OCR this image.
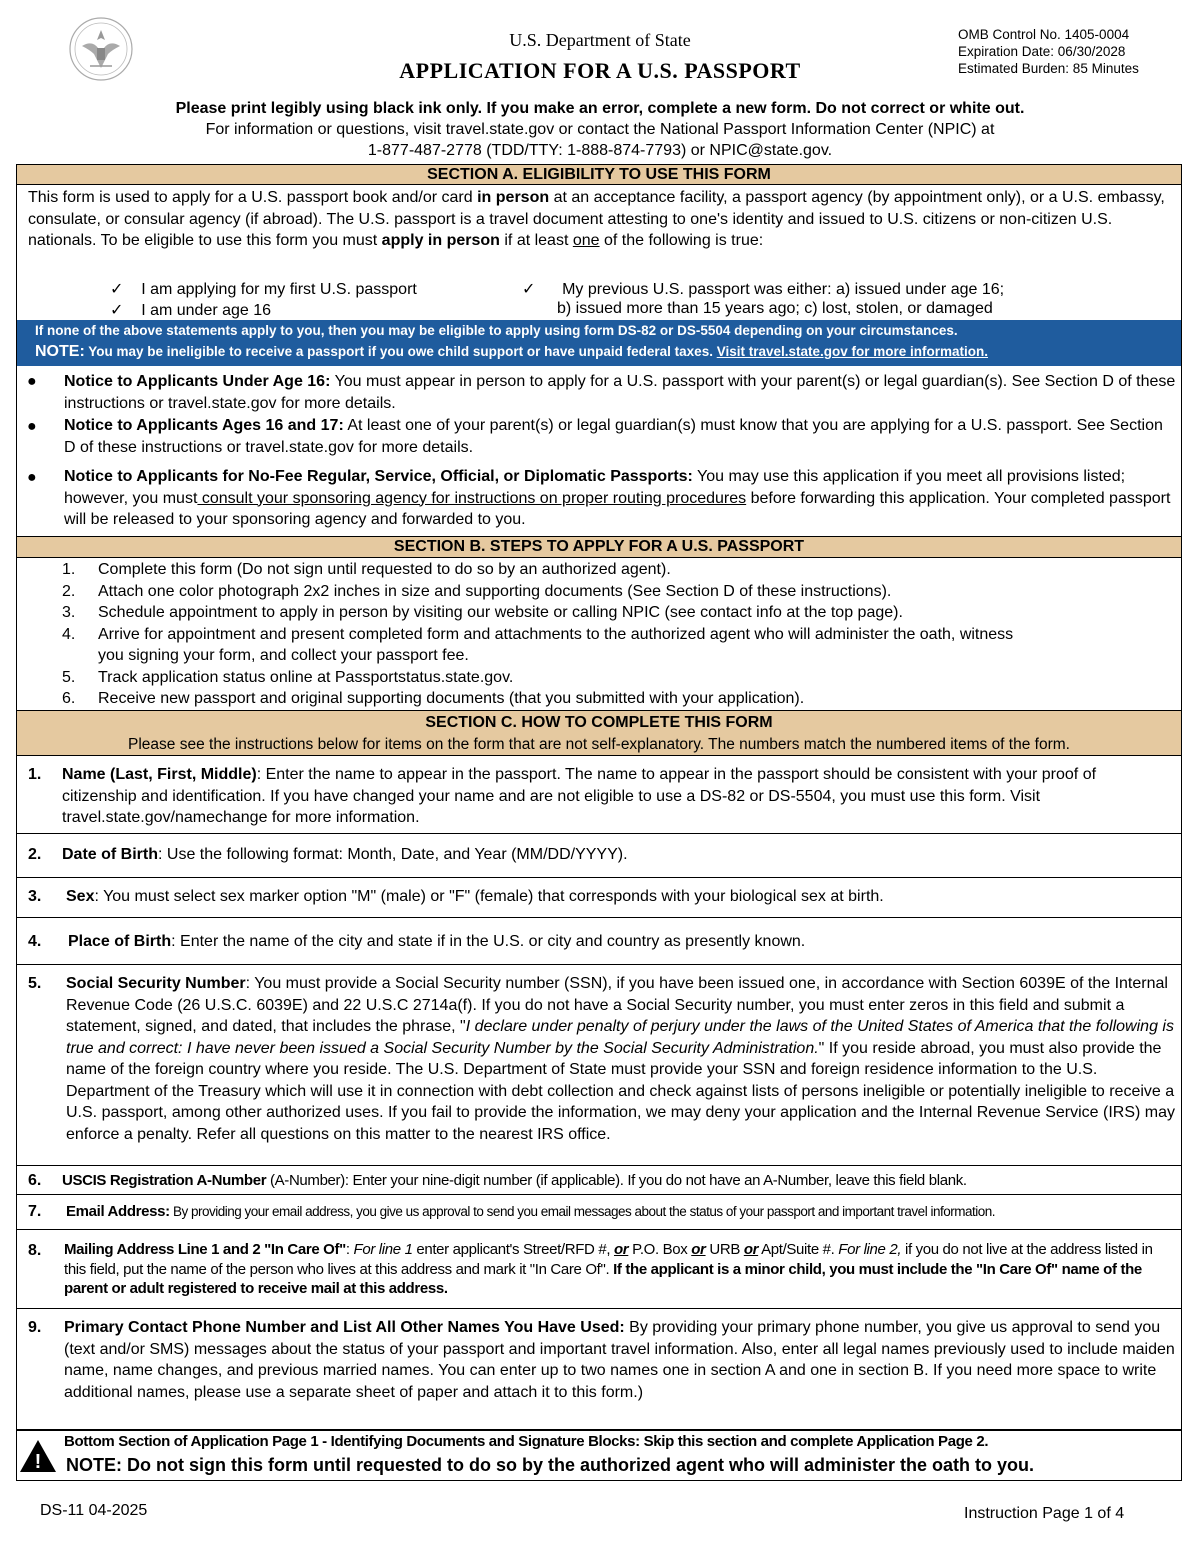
U.S. Department of State
APPLICATION FOR A U.S. PASSPORT
OMB Control No. 1405-0004
Expiration Date: 06/30/2028
Estimated Burden: 85 Minutes
Please print legibly using black ink only. If you make an error, complete a new form. Do not correct or white out.
For information or questions, visit travel.state.gov or contact the National Passport Information Center (NPIC) at
1-877-487-2778 (TDD/TTY: 1-888-874-7793) or NPIC@state.gov.
SECTION A. ELIGIBILITY TO USE THIS FORM
This form is used to apply for a U.S. passport book and/or card in person at an acceptance facility, a passport agency (by appointment only), or a U.S. embassy, consulate, or consular agency (if abroad). The U.S. passport is a travel document attesting to one's identity and issued to U.S. citizens or non-citizen U.S. nationals. To be eligible to use this form you must apply in person if at least one of the following is true:
✓ I am applying for my first U.S. passport
✓ I am under age 16
✓ My previous U.S. passport was either: a) issued under age 16;
b) issued more than 15 years ago; c) lost, stolen, or damaged
If none of the above statements apply to you, then you may be eligible to apply using form DS-82 or DS-5504 depending on your circumstances.
NOTE: You may be ineligible to receive a passport if you owe child support or have unpaid federal taxes. Visit travel.state.gov for more information.
● Notice to Applicants Under Age 16: You must appear in person to apply for a U.S. passport with your parent(s) or legal guardian(s). See Section D of these instructions or travel.state.gov for more details.
● Notice to Applicants Ages 16 and 17: At least one of your parent(s) or legal guardian(s) must know that you are applying for a U.S. passport. See Section D of these instructions or travel.state.gov for more details.
● Notice to Applicants for No-Fee Regular, Service, Official, or Diplomatic Passports: You may use this application if you meet all provisions listed; however, you must consult your sponsoring agency for instructions on proper routing procedures before forwarding this application. Your completed passport will be released to your sponsoring agency and forwarded to you.
SECTION B. STEPS TO APPLY FOR A U.S. PASSPORT
1. Complete this form (Do not sign until requested to do so by an authorized agent).
2. Attach one color photograph 2x2 inches in size and supporting documents (See Section D of these instructions).
3. Schedule appointment to apply in person by visiting our website or calling NPIC (see contact info at the top page).
4. Arrive for appointment and present completed form and attachments to the authorized agent who will administer the oath, witness
you signing your form, and collect your passport fee.
5. Track application status online at Passportstatus.state.gov.
6. Receive new passport and original supporting documents (that you submitted with your application).
SECTION C. HOW TO COMPLETE THIS FORM
Please see the instructions below for items on the form that are not self-explanatory. The numbers match the numbered items of the form.
1. Name (Last, First, Middle): Enter the name to appear in the passport. The name to appear in the passport should be consistent with your proof of citizenship and identification. If you have changed your name and are not eligible to use a DS-82 or DS-5504, you must use this form. Visit travel.state.gov/namechange for more information.
2. Date of Birth: Use the following format: Month, Date, and Year (MM/DD/YYYY).
3. Sex: You must select sex marker option "M" (male) or "F" (female) that corresponds with your biological sex at birth.
4. Place of Birth: Enter the name of the city and state if in the U.S. or city and country as presently known.
5. Social Security Number: You must provide a Social Security number (SSN), if you have been issued one, in accordance with Section 6039E of the Internal Revenue Code (26 U.S.C. 6039E) and 22 U.S.C 2714a(f). If you do not have a Social Security number, you must enter zeros in this field and submit a statement, signed, and dated, that includes the phrase, "I declare under penalty of perjury under the laws of the United States of America that the following is true and correct: I have never been issued a Social Security Number by the Social Security Administration." If you reside abroad, you must also provide the name of the foreign country where you reside. The U.S. Department of State must provide your SSN and foreign residence information to the U.S. Department of the Treasury which will use it in connection with debt collection and check against lists of persons ineligible or potentially ineligible to receive a U.S. passport, among other authorized uses. If you fail to provide the information, we may deny your application and the Internal Revenue Service (IRS) may enforce a penalty. Refer all questions on this matter to the nearest IRS office.
6. USCIS Registration A-Number (A-Number): Enter your nine-digit number (if applicable). If you do not have an A-Number, leave this field blank.
7. Email Address: By providing your email address, you give us approval to send you email messages about the status of your passport and important travel information.
8. Mailing Address Line 1 and 2 "In Care Of": For line 1 enter applicant's Street/RFD #, or P.O. Box or URB or Apt/Suite #. For line 2, if you do not live at the address listed in this field, put the name of the person who lives at this address and mark it "In Care Of". If the applicant is a minor child, you must include the "In Care Of" name of the parent or adult registered to receive mail at this address.
9. Primary Contact Phone Number and List All Other Names You Have Used: By providing your primary phone number, you give us approval to send you (text and/or SMS) messages about the status of your passport and important travel information. Also, enter all legal names previously used to include maiden name, name changes, and previous married names. You can enter up to two names one in section A and one in section B. If you need more space to write additional names, please use a separate sheet of paper and attach it to this form.)
!
Bottom Section of Application Page 1 - Identifying Documents and Signature Blocks: Skip this section and complete Application Page 2.
NOTE: Do not sign this form until requested to do so by the authorized agent who will administer the oath to you.
DS-11 04-2025	Instruction Page 1 of 4
